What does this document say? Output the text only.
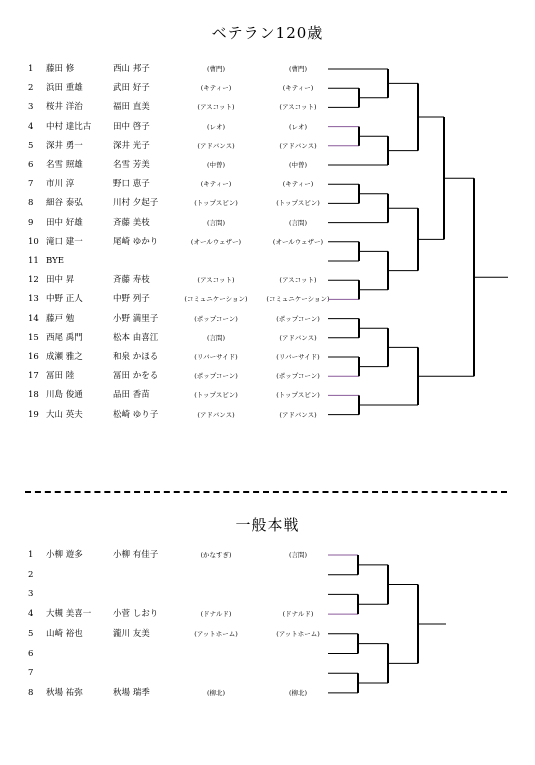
ベテラン120歳
1	藤田 修	西山 邦子	(曹門)	(曹門)
2	浜田 重雄	武田 好子	(キティー)	(キティー)
3	桜井 洋治	福田 直美	(アスコット)	(アスコット)
4	中村 達比古	田中 啓子	(レオ)	(レオ)
5	深井 勇一	深井 光子	(アドバンス)	(アドバンス)
6	名雪 照雄	名雪 芳美	(中曽)	(中曽)
7	市川 淳	野口 恵子	(キティー)	(キティー)
8	細谷 泰弘	川村 夕起子	(トップスピン)	(トップスピン)
9	田中 好雄	斉藤 美枝	(言問)	(言問)
10 滝口 建一	尾崎 ゆかり	(オールウェザー)	(オールウェザー)
11 BYE
12 田中 昇	斉藤 寿枝	(アスコット)	(アスコット)
13 中野 正人	中野 列子	(コミュニケーション)	(コミュニケーション)
14 藤戸 勉	小野 満里子	(ポップコーン)	(ポップコーン)
15 西尾 禹門	松本 由喜江	(言問)	(アドバンス)
16 成瀬 雅之	和泉 かほる	(リバーサイド)	(リバーサイド)
17 冨田 陸	冨田 かをる	(ポップコーン)	(ポップコーン)
18 川島 俊通	品田 香苗	(トップスピン)	(トップスピン)
19 大山 英夫	松崎 ゆり子	(アドバンス)	(アドバンス)
一般本戦
1	小柳 遊多	小柳 有佳子	(かなすぎ)	(言問)
2
3
4	大槻 美喜一	小菅 しおり	(ドナルド)	(ドナルド)
5	山崎 裕也	瀧川 友美	(アットホーム)	(アットホーム)
6
7
8	秋場 祐弥	秋場 瑞季	(柳北)	(柳北)
